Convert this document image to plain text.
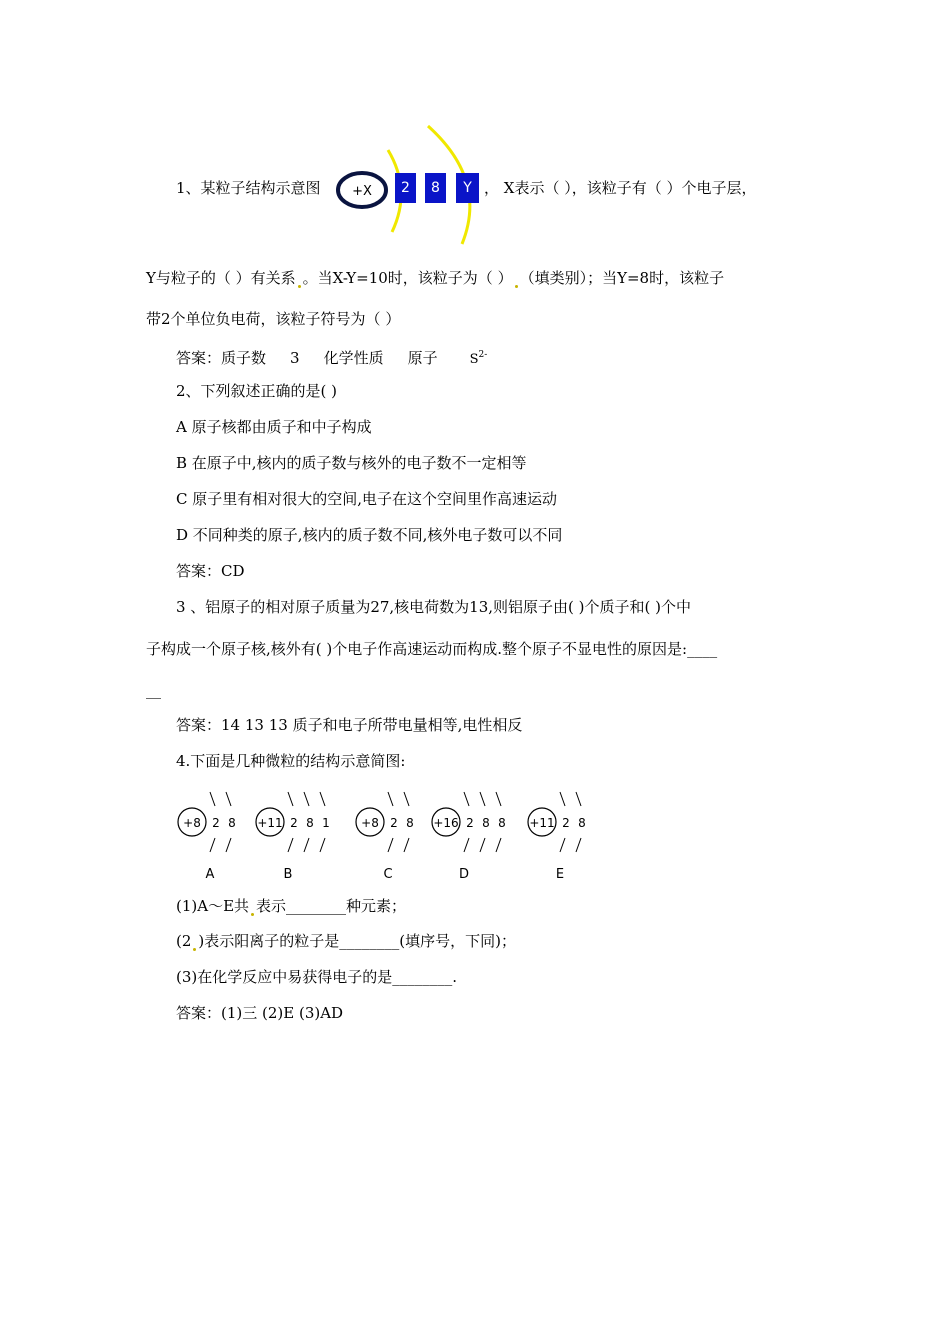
1、某粒子结构示意图 +X	2	8	Y ， X表示（ ），该粒子有（ ）个电子层，
Y与粒子的（ ）有关系 。当X-Y=10时，该粒子为（ ） （填类别）；当Y=8时，该粒子
带2个单位负电荷，该粒子符号为（ ）
答案：质子数 3 化学性质 原子 $S^{2-}$
2、下列叙述正确的是( )
A 原子核都由质子和中子构成
B 在原子中,核内的质子数与核外的电子数不一定相等
C 原子里有相对很大的空间,电子在这个空间里作高速运动
D 不同种类的原子,核内的质子数不同,核外电子数可以不同
答案：CD
3 、铝原子的相对原子质量为27,核电荷数为13,则铝原子由( )个质子和( )个中
子构成一个原子核,核外有( )个电子作高速运动而构成.整个原子不显电性的原因是:____
__
答案：14 13 13 质子和电子所带电量相等,电性相反
4.下面是几种微粒的结构示意简图:
+8 2 8
A
+11 2 8 1
B
+8 2 8
C
+16 2 8 8
D
+11 2 8
E
(1)A～E共 表示________种元素；
(2 )表示阳离子的粒子是________(填序号，下同)；
(3)在化学反应中易获得电子的是________.
答案：(1)三 (2)E (3)AD
